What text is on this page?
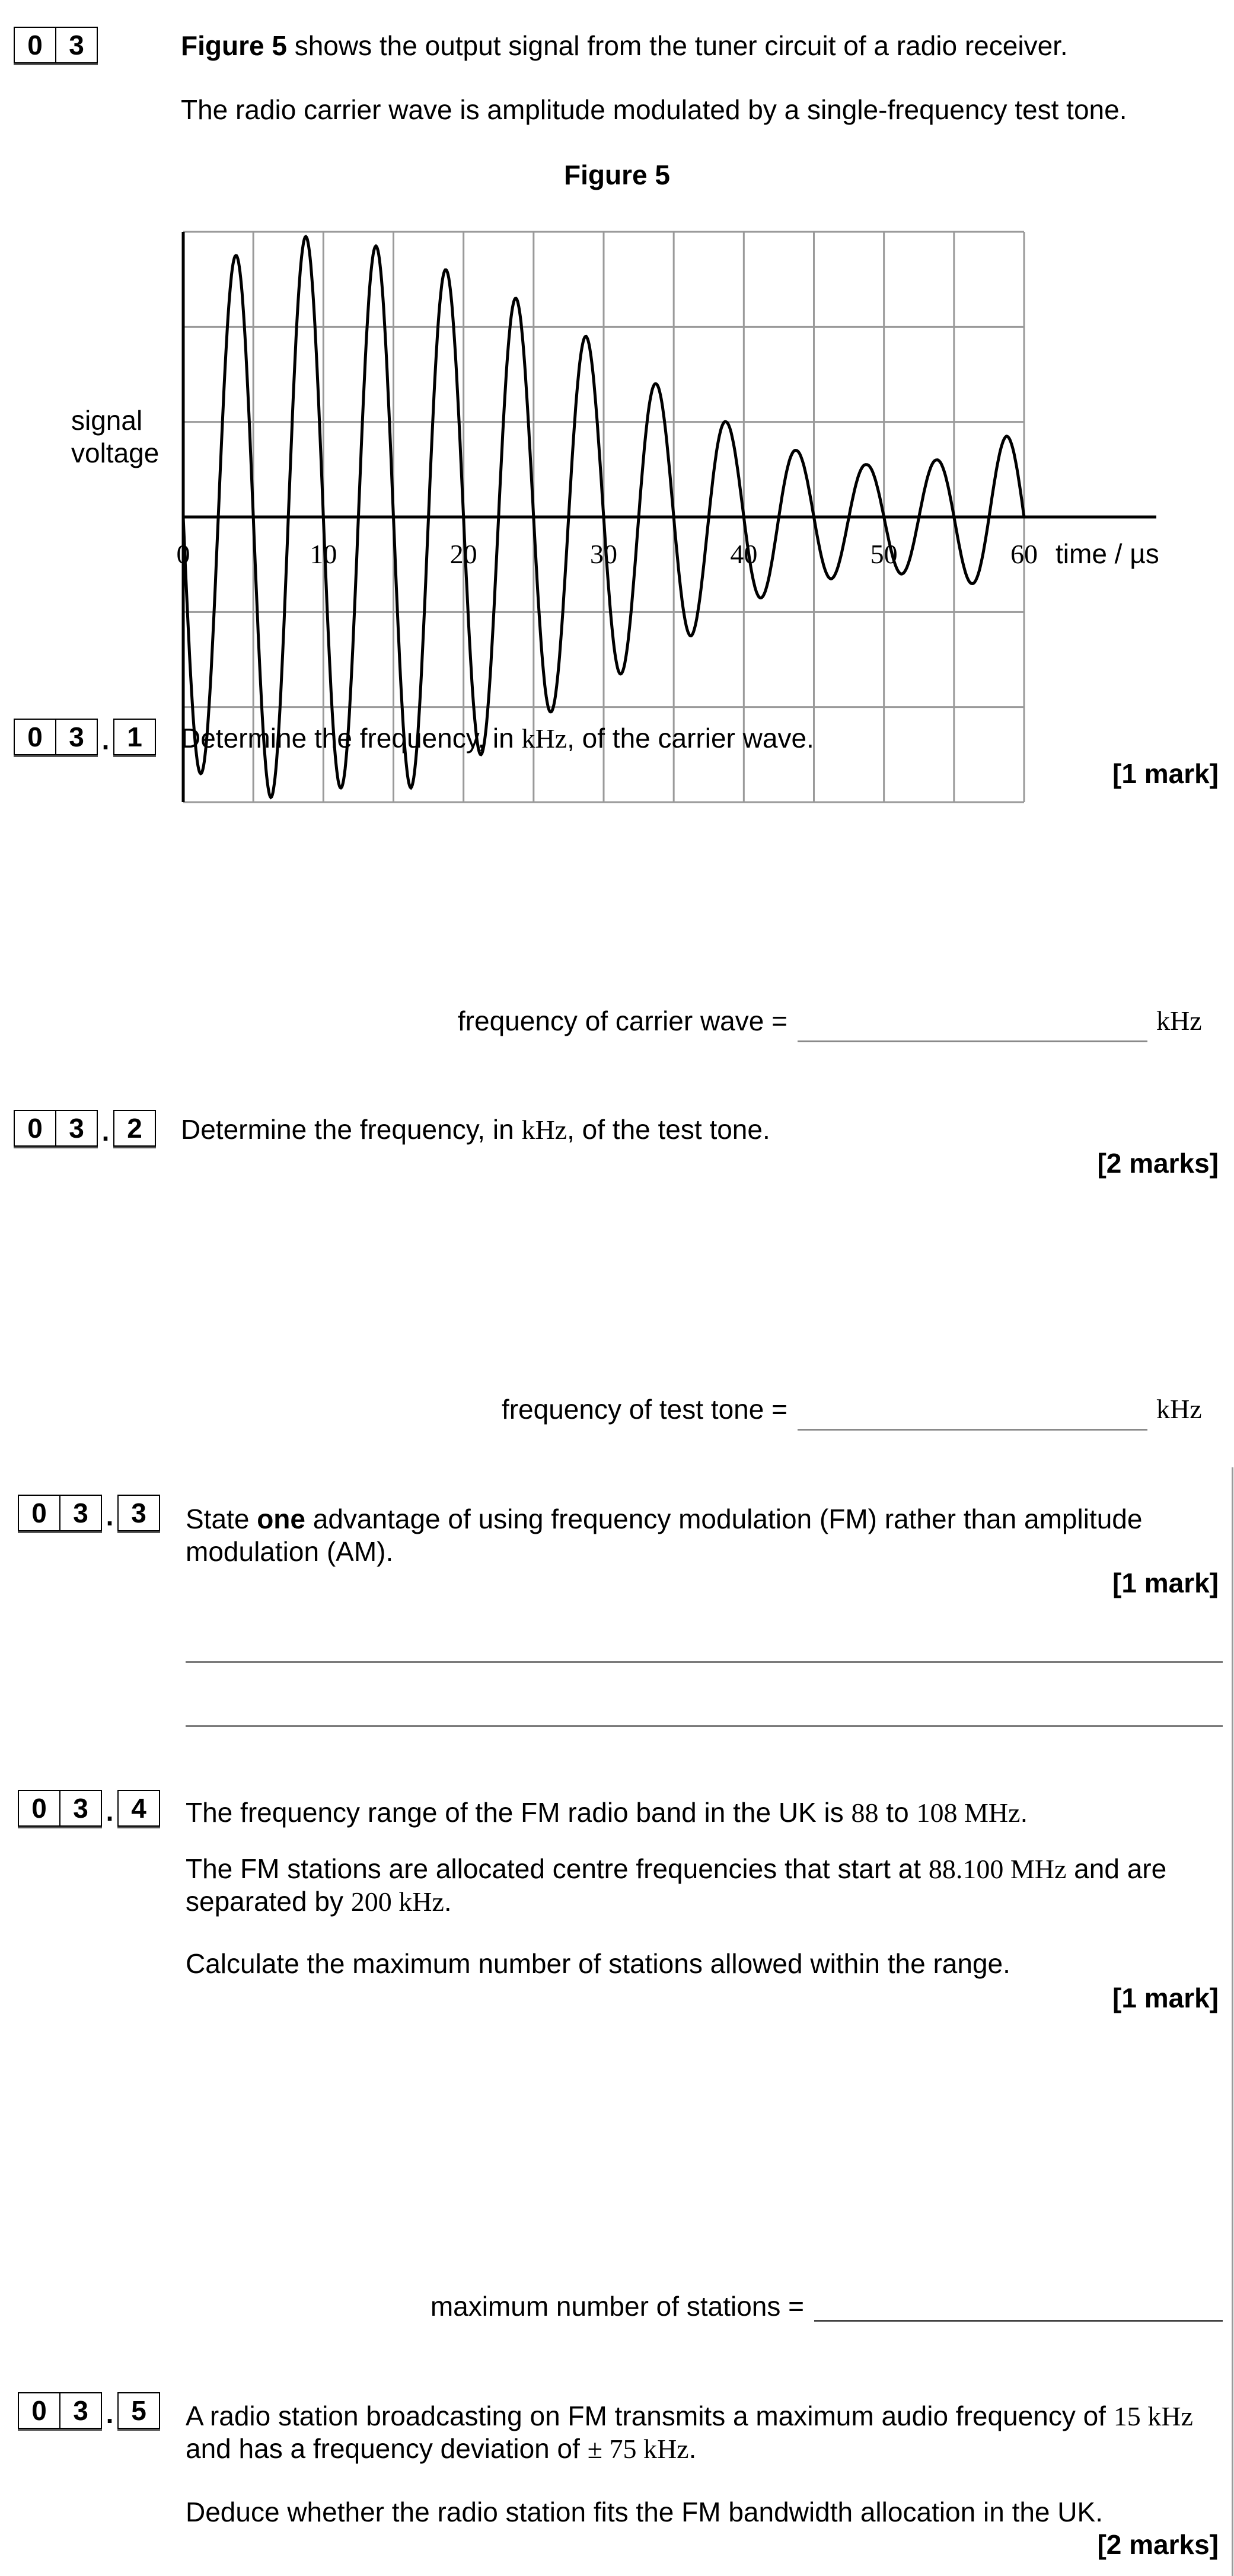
0 3	Figure 5 shows the output signal from the tuner circuit of a radio receiver.
The radio carrier wave is amplitude modulated by a single-frequency test tone.
Figure 5
0	10	20	30	40	50	60 time / µs
signal
voltage
0 3 . 1	Determine the frequency, in kHz, of the carrier wave.
[1 mark]
frequency of carrier wave =	kHz
0 3 . 2	Determine the frequency, in kHz, of the test tone.
[2 marks]
frequency of test tone =	kHz
0 3 . 3	State one advantage of using frequency modulation (FM) rather than amplitude
modulation (AM).
[1 mark]
0 3 . 4	The frequency range of the FM radio band in the UK is 88 to 108 MHz.
The FM stations are allocated centre frequencies that start at 88.100 MHz and are
separated by 200 kHz.
Calculate the maximum number of stations allowed within the range.
[1 mark]
maximum number of stations =
0 3 . 5	A radio station broadcasting on FM transmits a maximum audio frequency of 15 kHz
and has a frequency deviation of ± 75 kHz.
Deduce whether the radio station fits the FM bandwidth allocation in the UK.
[2 marks]
